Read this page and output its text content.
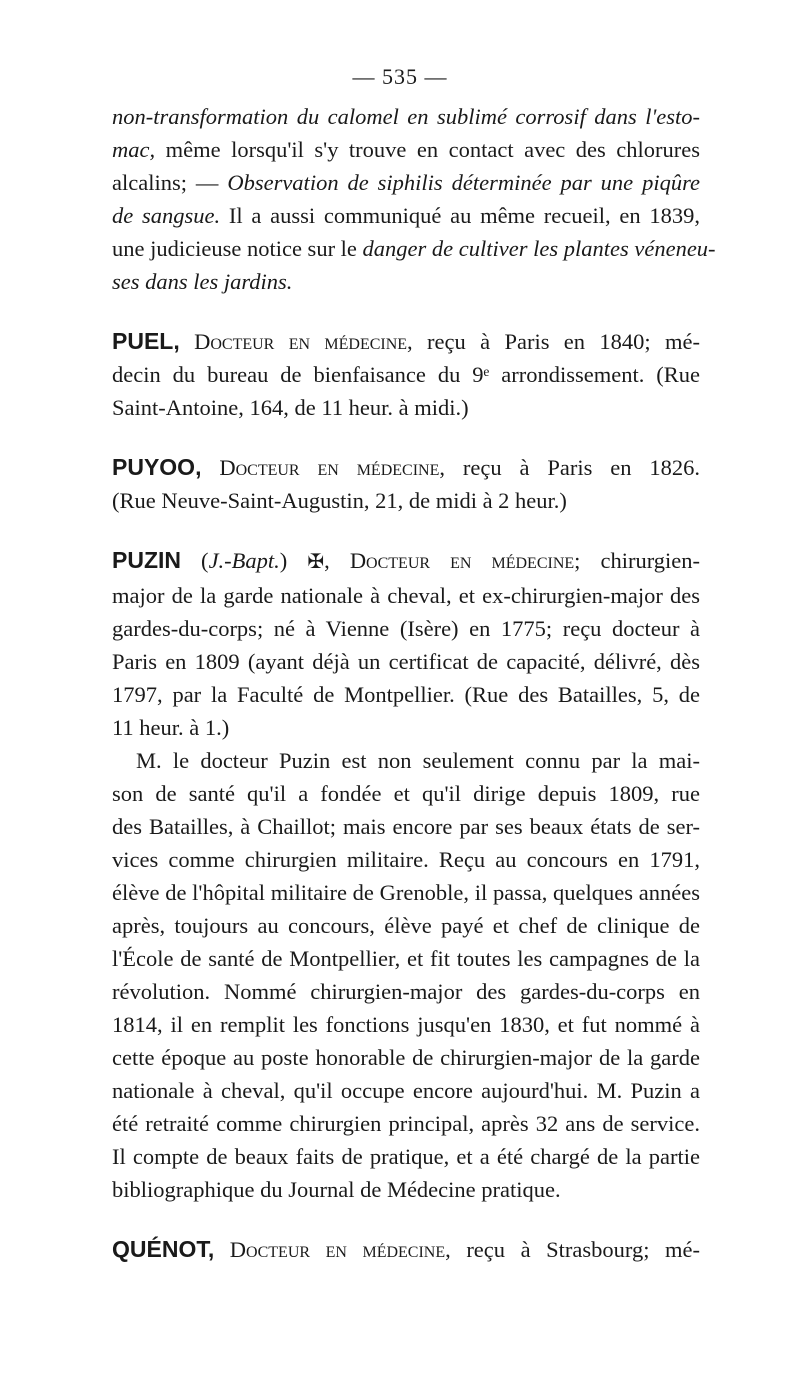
— 535 —
non-transformation du calomel en sublimé corrosif dans l'esto-
mac, même lorsqu'il s'y trouve en contact avec des chlorures
alcalins; — Observation de siphilis déterminée par une piqûre
de sangsue. Il a aussi communiqué au même recueil, en 1839,
une judicieuse notice sur le danger de cultiver les plantes véneneu-
ses dans les jardins.
PUEL, Docteur en médecine, reçu à Paris en 1840; mé-
decin du bureau de bienfaisance du 9ᵉ arrondissement. (Rue
Saint-Antoine, 164, de 11 heur. à midi.)
PUYOO, Docteur en médecine, reçu à Paris en 1826.
(Rue Neuve-Saint-Augustin, 21, de midi à 2 heur.)
PUZIN (J.-Bapt.) ✠, Docteur en médecine; chirurgien-
major de la garde nationale à cheval, et ex-chirurgien-major des
gardes-du-corps; né à Vienne (Isère) en 1775; reçu docteur à
Paris en 1809 (ayant déjà un certificat de capacité, délivré, dès
1797, par la Faculté de Montpellier. (Rue des Batailles, 5, de
11 heur. à 1.)
M. le docteur Puzin est non seulement connu par la mai-
son de santé qu'il a fondée et qu'il dirige depuis 1809, rue
des Batailles, à Chaillot; mais encore par ses beaux états de ser-
vices comme chirurgien militaire. Reçu au concours en 1791,
élève de l'hôpital militaire de Grenoble, il passa, quelques années
après, toujours au concours, élève payé et chef de clinique de
l'École de santé de Montpellier, et fit toutes les campagnes de la
révolution. Nommé chirurgien-major des gardes-du-corps en
1814, il en remplit les fonctions jusqu'en 1830, et fut nommé à
cette époque au poste honorable de chirurgien-major de la garde
nationale à cheval, qu'il occupe encore aujourd'hui. M. Puzin a
été retraité comme chirurgien principal, après 32 ans de service.
Il compte de beaux faits de pratique, et a été chargé de la partie
bibliographique du Journal de Médecine pratique.
QUÉNOT, Docteur en médecine, reçu à Strasbourg; mé-
